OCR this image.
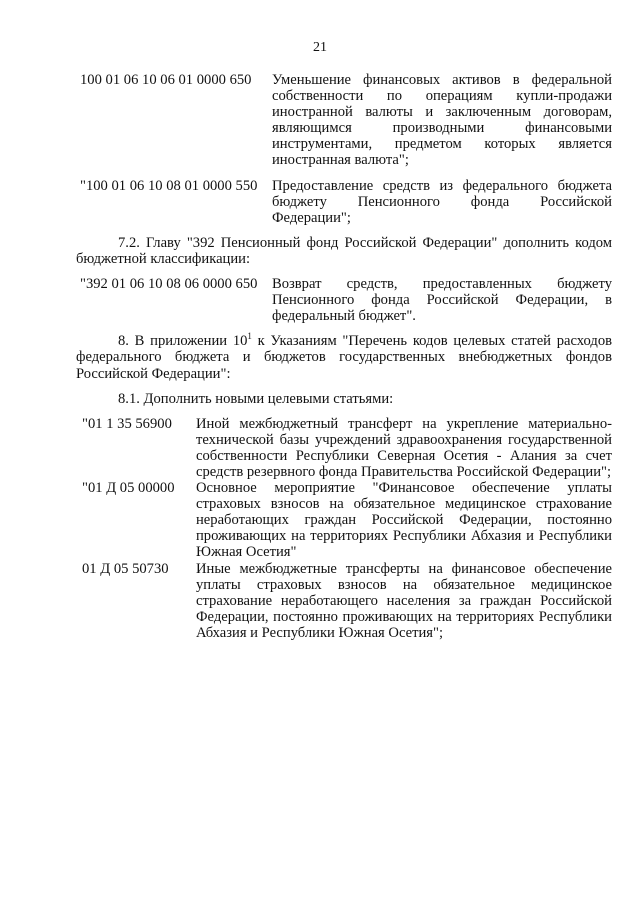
21
100 01 06 10 06 01 0000 650	Уменьшение финансовых активов в федеральной собственности по операциям купли-продажи иностранной валюты и заключенным договорам, являющимся производными финансовыми инструментами, предметом которых является иностранная валюта";
"100 01 06 10 08 01 0000 550 Предоставление средств из федерального бюджета бюджету Пенсионного фонда Российской Федерации";
7.2. Главу "392 Пенсионный фонд Российской Федерации" дополнить кодом бюджетной классификации:
"392 01 06 10 08 06 0000 650 Возврат средств, предоставленных бюджету Пенсионного фонда Российской Федерации, в федеральный бюджет".
8. В приложении $10^1$ к Указаниям "Перечень кодов целевых статей расходов федерального бюджета и бюджетов государственных внебюджетных фондов Российской Федерации":
8.1. Дополнить новыми целевыми статьями:
"01 1 35 56900	Иной межбюджетный трансферт на укрепление материально-технической базы учреждений здравоохранения государственной собственности Республики Северная Осетия - Алания за счет средств резервного фонда Правительства Российской Федерации";
"01 Д 05 00000	Основное мероприятие "Финансовое обеспечение уплаты страховых взносов на обязательное медицинское страхование неработающих граждан Российской Федерации, постоянно проживающих на территориях Республики Абхазия и Республики Южная Осетия"
01 Д 05 50730	Иные межбюджетные трансферты на финансовое обеспечение уплаты страховых взносов на обязательное медицинское страхование неработающего населения за граждан Российской Федерации, постоянно проживающих на территориях Республики Абхазия и Республики Южная Осетия";
